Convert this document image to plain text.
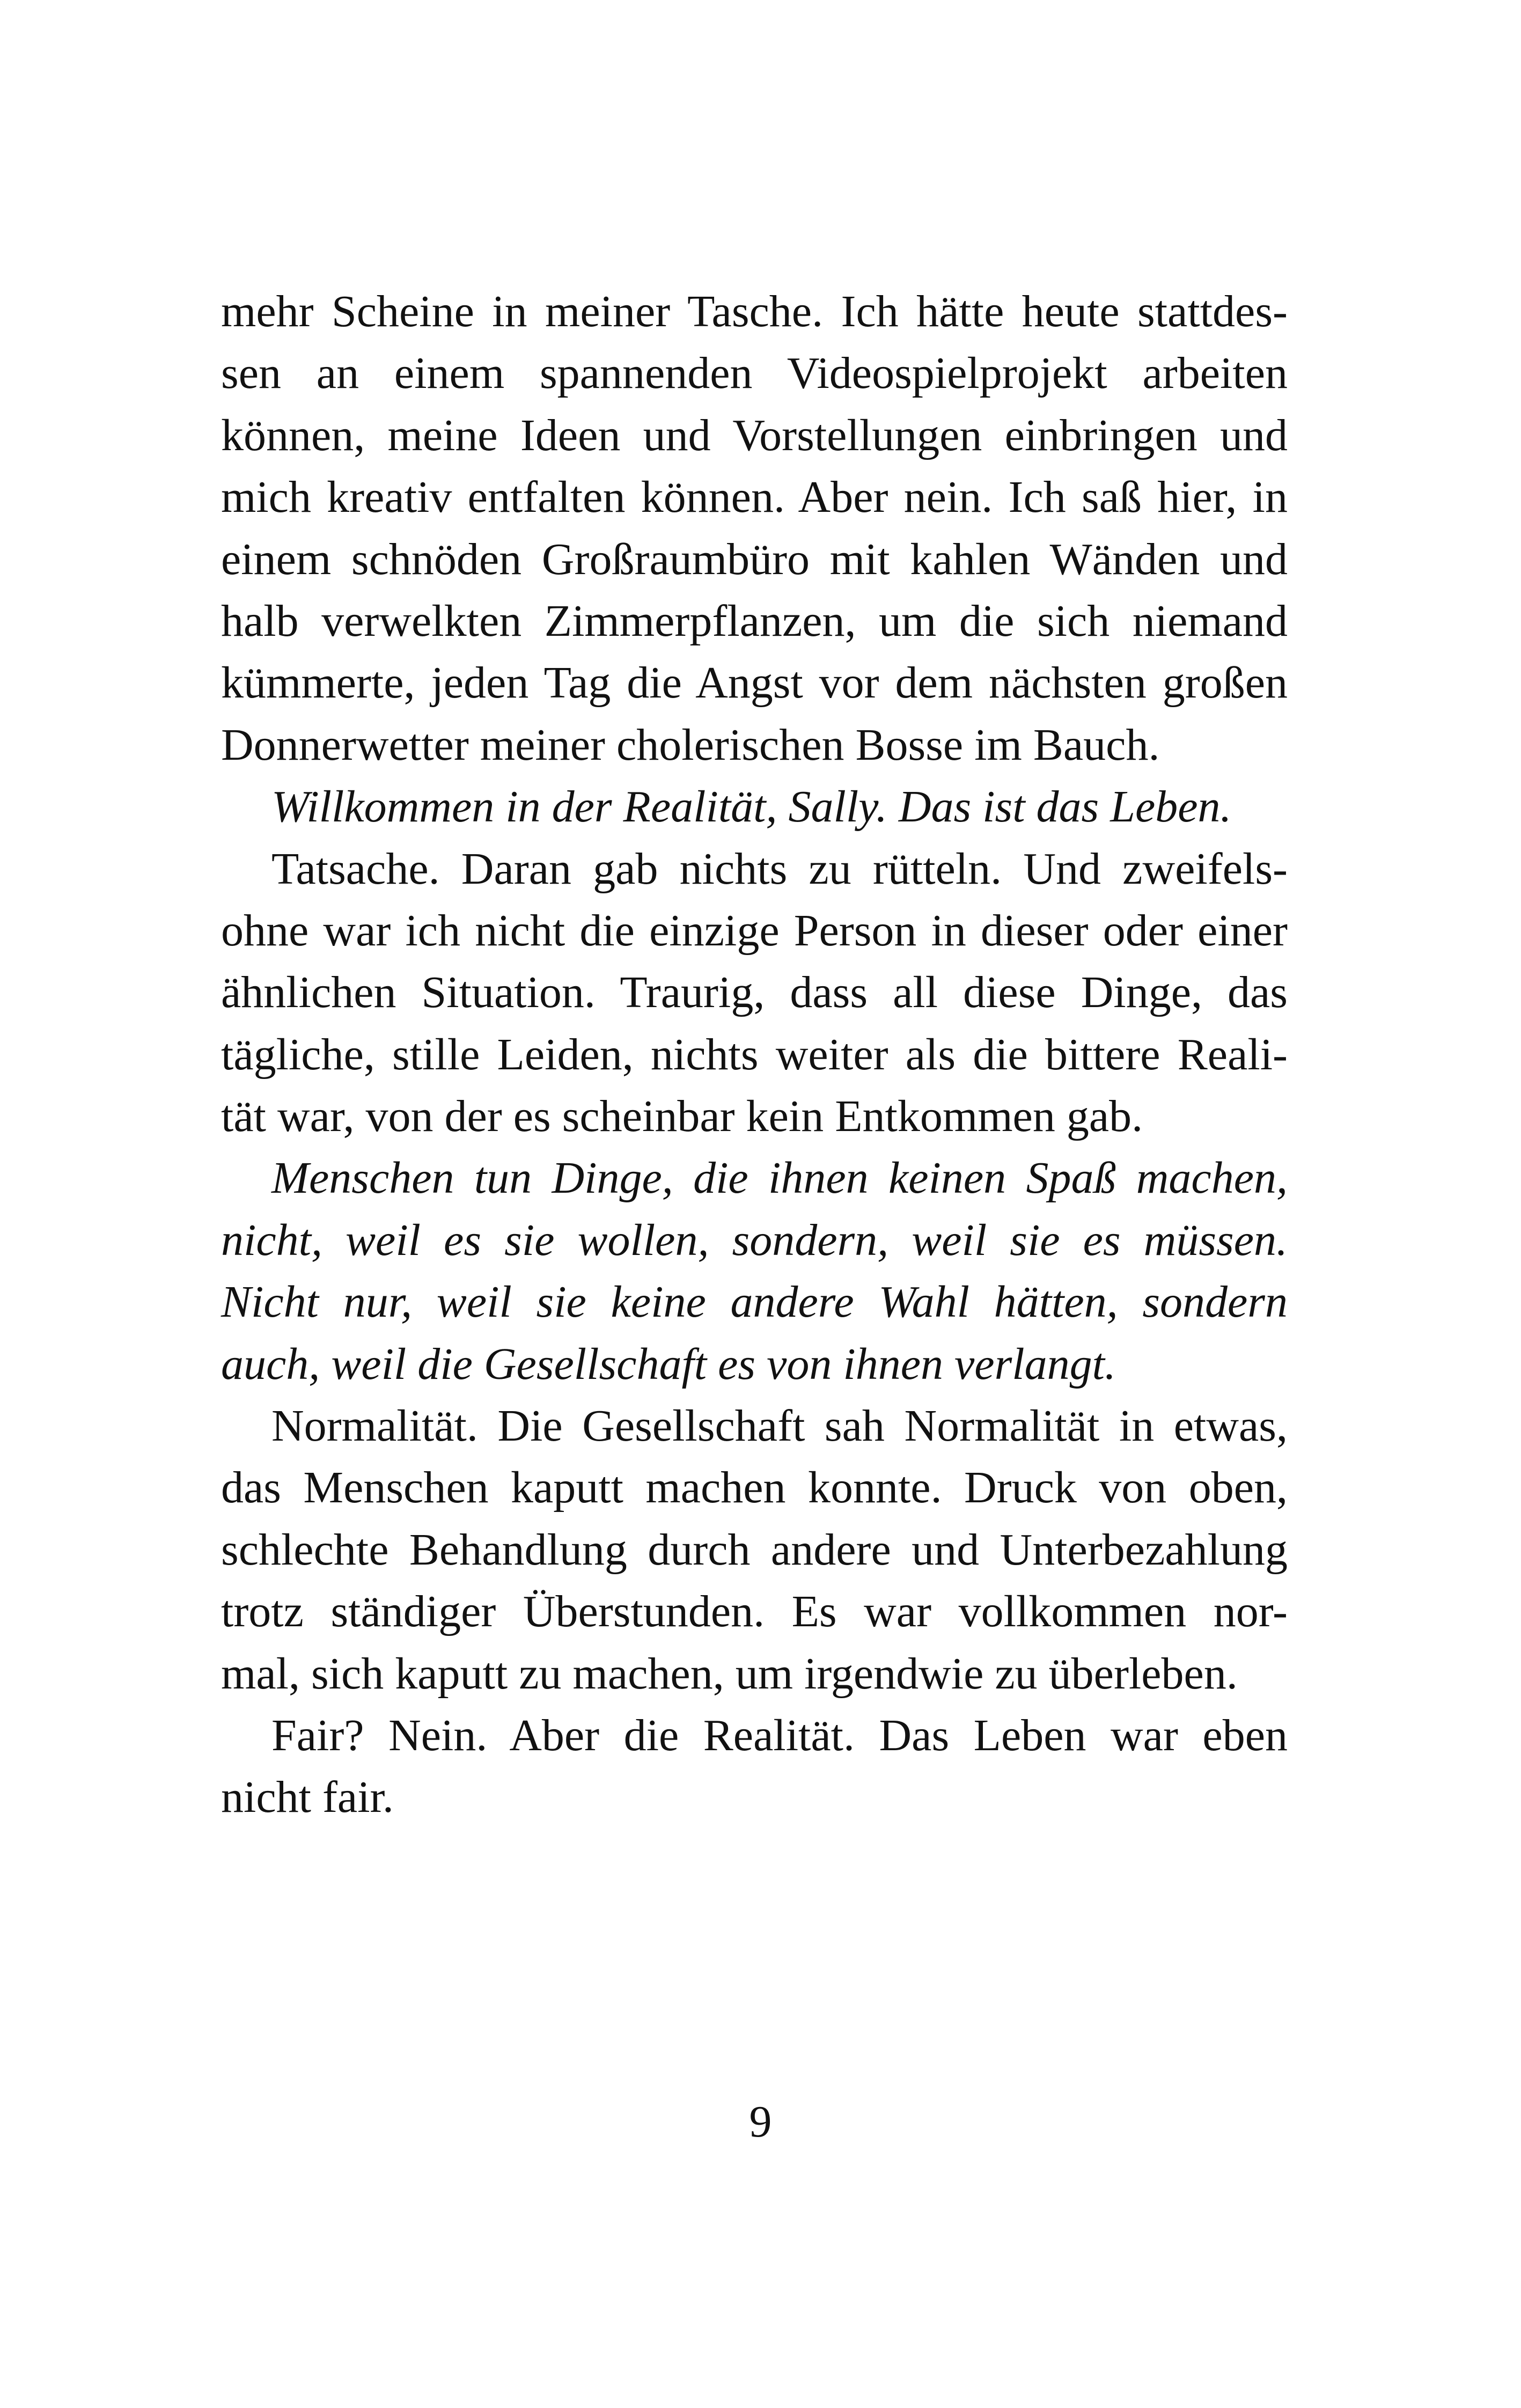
mehr Scheine in meiner Tasche. Ich hätte heute stattdes-
sen an einem spannenden Videospielprojekt arbeiten
können, meine Ideen und Vorstellungen einbringen und
mich kreativ entfalten können. Aber nein. Ich saß hier, in
einem schnöden Großraumbüro mit kahlen Wänden und
halb verwelkten Zimmerpflanzen, um die sich niemand
kümmerte, jeden Tag die Angst vor dem nächsten großen
Donnerwetter meiner cholerischen Bosse im Bauch.
Willkommen in der Realität, Sally. Das ist das Leben.
Tatsache. Daran gab nichts zu rütteln. Und zweifels-
ohne war ich nicht die einzige Person in dieser oder einer
ähnlichen Situation. Traurig, dass all diese Dinge, das
tägliche, stille Leiden, nichts weiter als die bittere Reali-
tät war, von der es scheinbar kein Entkommen gab.
Menschen tun Dinge, die ihnen keinen Spaß machen,
nicht, weil es sie wollen, sondern, weil sie es müssen.
Nicht nur, weil sie keine andere Wahl hätten, sondern
auch, weil die Gesellschaft es von ihnen verlangt.
Normalität. Die Gesellschaft sah Normalität in etwas,
das Menschen kaputt machen konnte. Druck von oben,
schlechte Behandlung durch andere und Unterbezahlung
trotz ständiger Überstunden. Es war vollkommen nor-
mal, sich kaputt zu machen, um irgendwie zu überleben.
Fair? Nein. Aber die Realität. Das Leben war eben
nicht fair.
9
